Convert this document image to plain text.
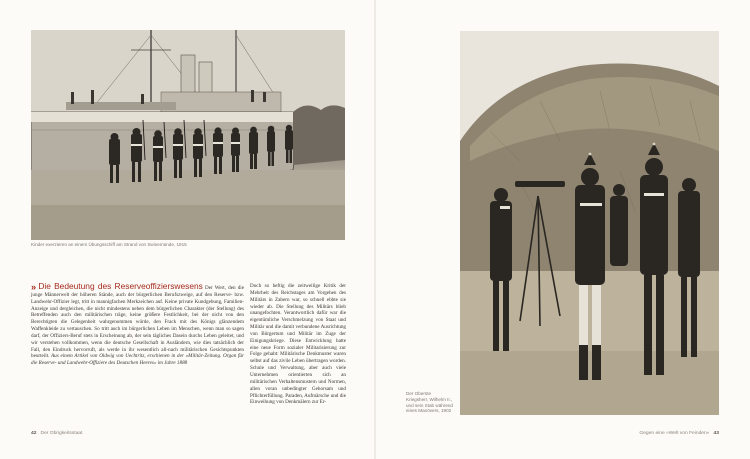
Kinder exerzieren an einem Übungsschiff am Strand von Swinemünde, 1915

» Die Bedeutung des Reserveoffizierswesens Der Wert, den die junge Männerwelt der höheren Stände, auch der bürgerlichen Berufszweige, auf den Reserve- bzw. Landwehr-Offizier legt, tritt in mannigfachen Merkzeichen auf. Keine private Kundgebung, Familien-Anzeige und dergleichen, die nicht mindestens neben dem bürgerlichen Charakter (der Stellung) des Betreffenden auch den militärischen träge, keine größere Festlichkeit, bei der nicht von den Berechtigten die Gelegenheit wahrgenommen würde, den Frack mit des Königs glänzendem Waffenkleide zu vertauschen. So tritt auch im bürgerlichen Leben im Menschen, wenn man so sagen darf, der Offiziers-Beruf stets in Erscheinung ab, der sein tägliches Dasein durchs Leben geleitet, und wir verstehen vollkommen, wenn die deutsche Gesellschaft in Ausländern, wie dies tatsächlich der Fall, den Eindruck hervorruft, als werde in ihr wesentlich all-nach militärischen Gesichtspunkten beurteilt. Aus einem Artikel von Oldwig von Uechtritz, erschienen in der »Militär-Zeitung. Organ für die Reserve- und Landwehr-Offiziere des Deutschen Heeres« im Jahre 1888

Doch so heftig die zeitweilige Kritik der Mehrheit des Reichstages am Vorgehen des Militärs in Zabern war, so schnell ebbte sie wieder ab. Die Stellung des Militärs blieb unangefochten. Verantwortlich dafür war die eigentümliche Verschmelzung von Staat und Militär und die damit verbundene Ausrichtung von Bürgertum und Militär im Zuge der Einigungskriege. Diese Entwicklung hatte eine neue Form sozialer Militarisierung zur Folge gehabt: Militärische Denkmuster waren selbst auf das zivile Leben übertragen worden. Schule und Verwaltung, aber auch viele Unternehmen orientierten sich an militärischen Verhaltensmustern und Normen, allen voran unbedingter Gehorsam und Pflichterfüllung. Paraden, Aufmärsche und die Einweihung von Denkmälern zur Er-

Der Oberste Kriegsherr, Wilhelm II., und sein Stab während eines Manövers, 1902
42 Der Obrigkeitsstaat	Gegen eine »Welt von Feinden« 43
